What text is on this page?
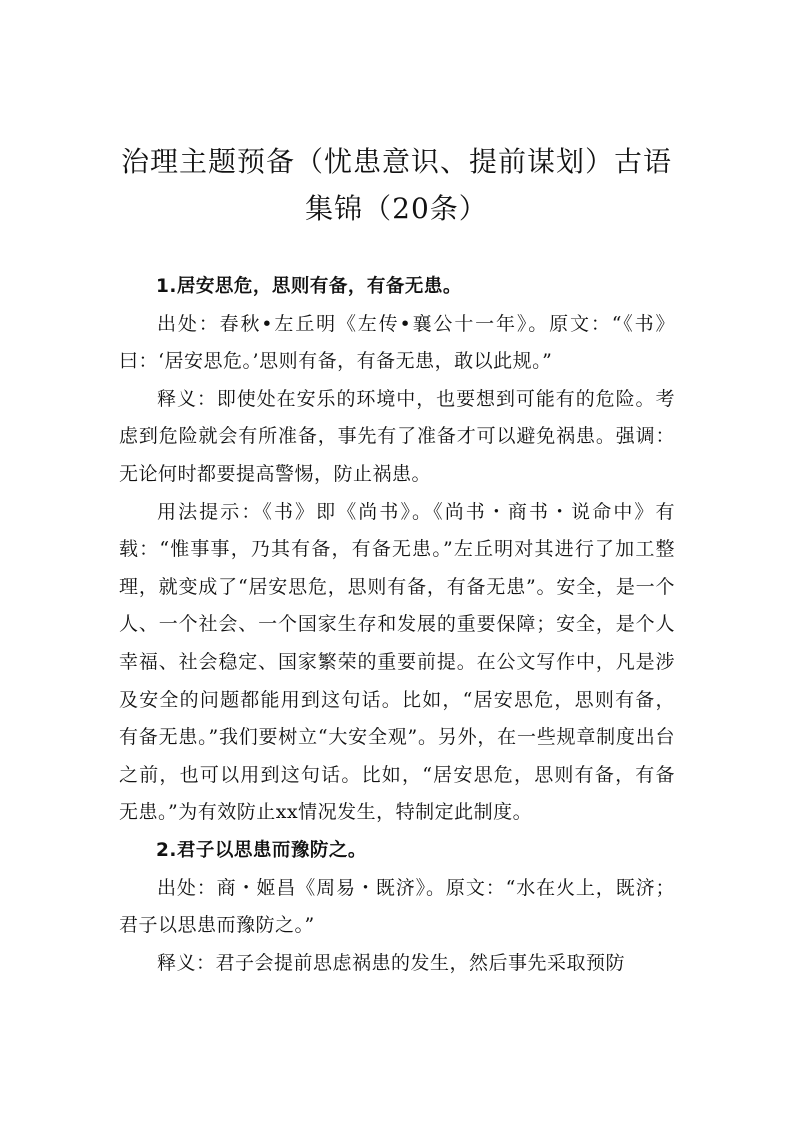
治理主题预备（忧患意识、提前谋划）古语集锦（20条）

1.居安思危，思则有备，有备无患。

出处：春秋•左丘明《左传•襄公十一年》。原文：“《书》曰：‘居安思危。’思则有备，有备无患，敢以此规。”

释义：即使处在安乐的环境中，也要想到可能有的危险。考虑到危险就会有所准备，事先有了准备才可以避免祸患。强调：无论何时都要提高警惕，防止祸患。

用法提示：《书》即《尚书》。《尚书・商书・说命中》有载：“惟事事，乃其有备，有备无患。”左丘明对其进行了加工整理，就变成了“居安思危，思则有备，有备无患”。安全，是一个人、一个社会、一个国家生存和发展的重要保障；安全，是个人幸福、社会稳定、国家繁荣的重要前提。在公文写作中，凡是涉及安全的问题都能用到这句话。比如，“居安思危，思则有备，有备无患。”我们要树立“大安全观”。另外，在一些规章制度出台之前，也可以用到这句话。比如，“居安思危，思则有备，有备无患。”为有效防止xx情况发生，特制定此制度。

2.君子以思患而豫防之。

出处：商・姬昌《周易・既济》。原文：“水在火上，既济；君子以思患而豫防之。”

释义：君子会提前思虑祸患的发生，然后事先采取预防
